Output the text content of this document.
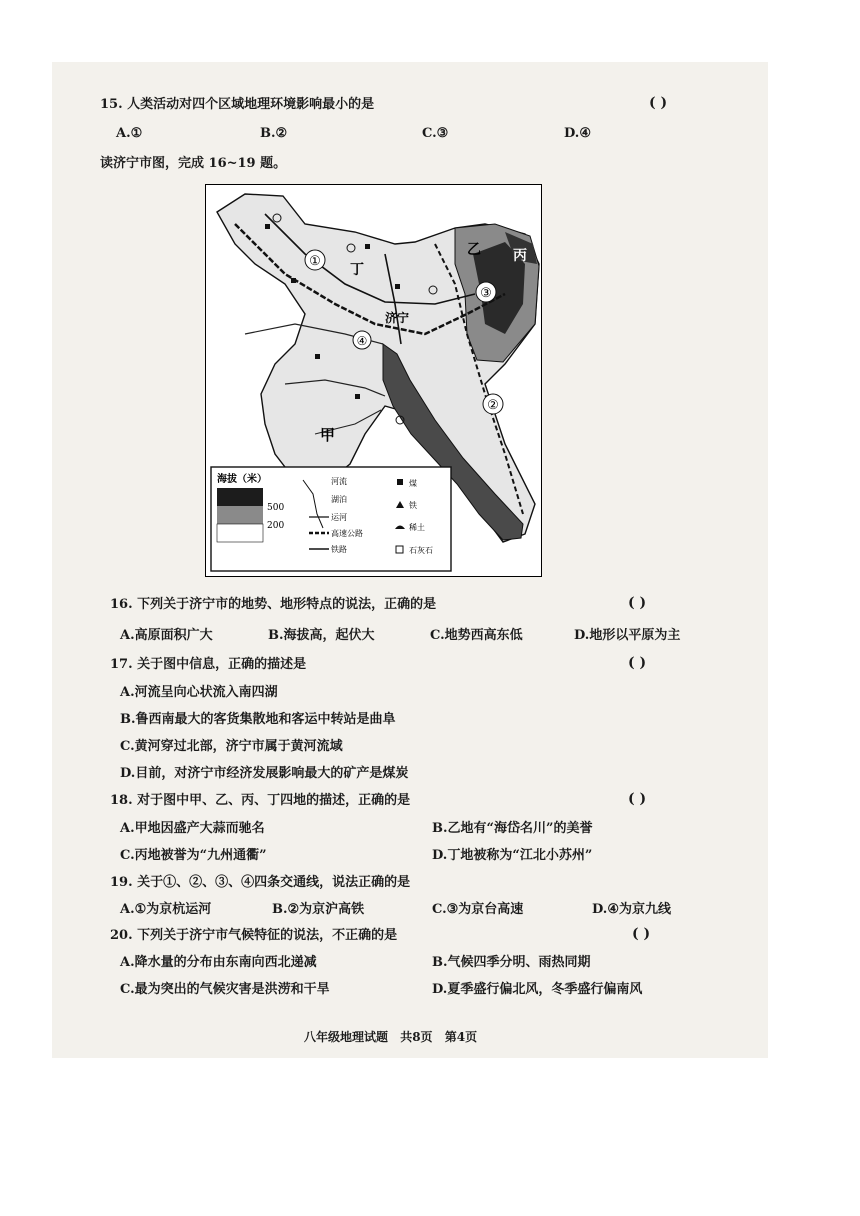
15. 人类活动对四个区域地理环境影响最小的是	( )
A.①	B.②	C.③	D.④
读济宁市图，完成 16~19 题。
①
②
③
④
甲
乙 丙
丁
济宁
海拔（米）
500
200
河流
湖泊
运河
高速公路
铁路
煤
铁
稀土
石灰石
16. 下列关于济宁市的地势、地形特点的说法，正确的是	( )
A.高原面积广大	B.海拔高，起伏大	C.地势西高东低	D.地形以平原为主
17. 关于图中信息，正确的描述是	( )
A.河流呈向心状流入南四湖
B.鲁西南最大的客货集散地和客运中转站是曲阜
C.黄河穿过北部，济宁市属于黄河流域
D.目前，对济宁市经济发展影响最大的矿产是煤炭
18. 对于图中甲、乙、丙、丁四地的描述，正确的是	( )
A.甲地因盛产大蒜而驰名	B.乙地有“海岱名川”的美誉
C.丙地被誉为“九州通衢”	D.丁地被称为“江北小苏州”
19. 关于①、②、③、④四条交通线，说法正确的是
A.①为京杭运河	B.②为京沪高铁	C.③为京台高速	D.④为京九线
20. 下列关于济宁市气候特征的说法，不正确的是	( )
A.降水量的分布由东南向西北递减	B.气候四季分明、雨热同期
C.最为突出的气候灾害是洪涝和干旱	D.夏季盛行偏北风，冬季盛行偏南风
八年级地理试题 共8页 第4页
